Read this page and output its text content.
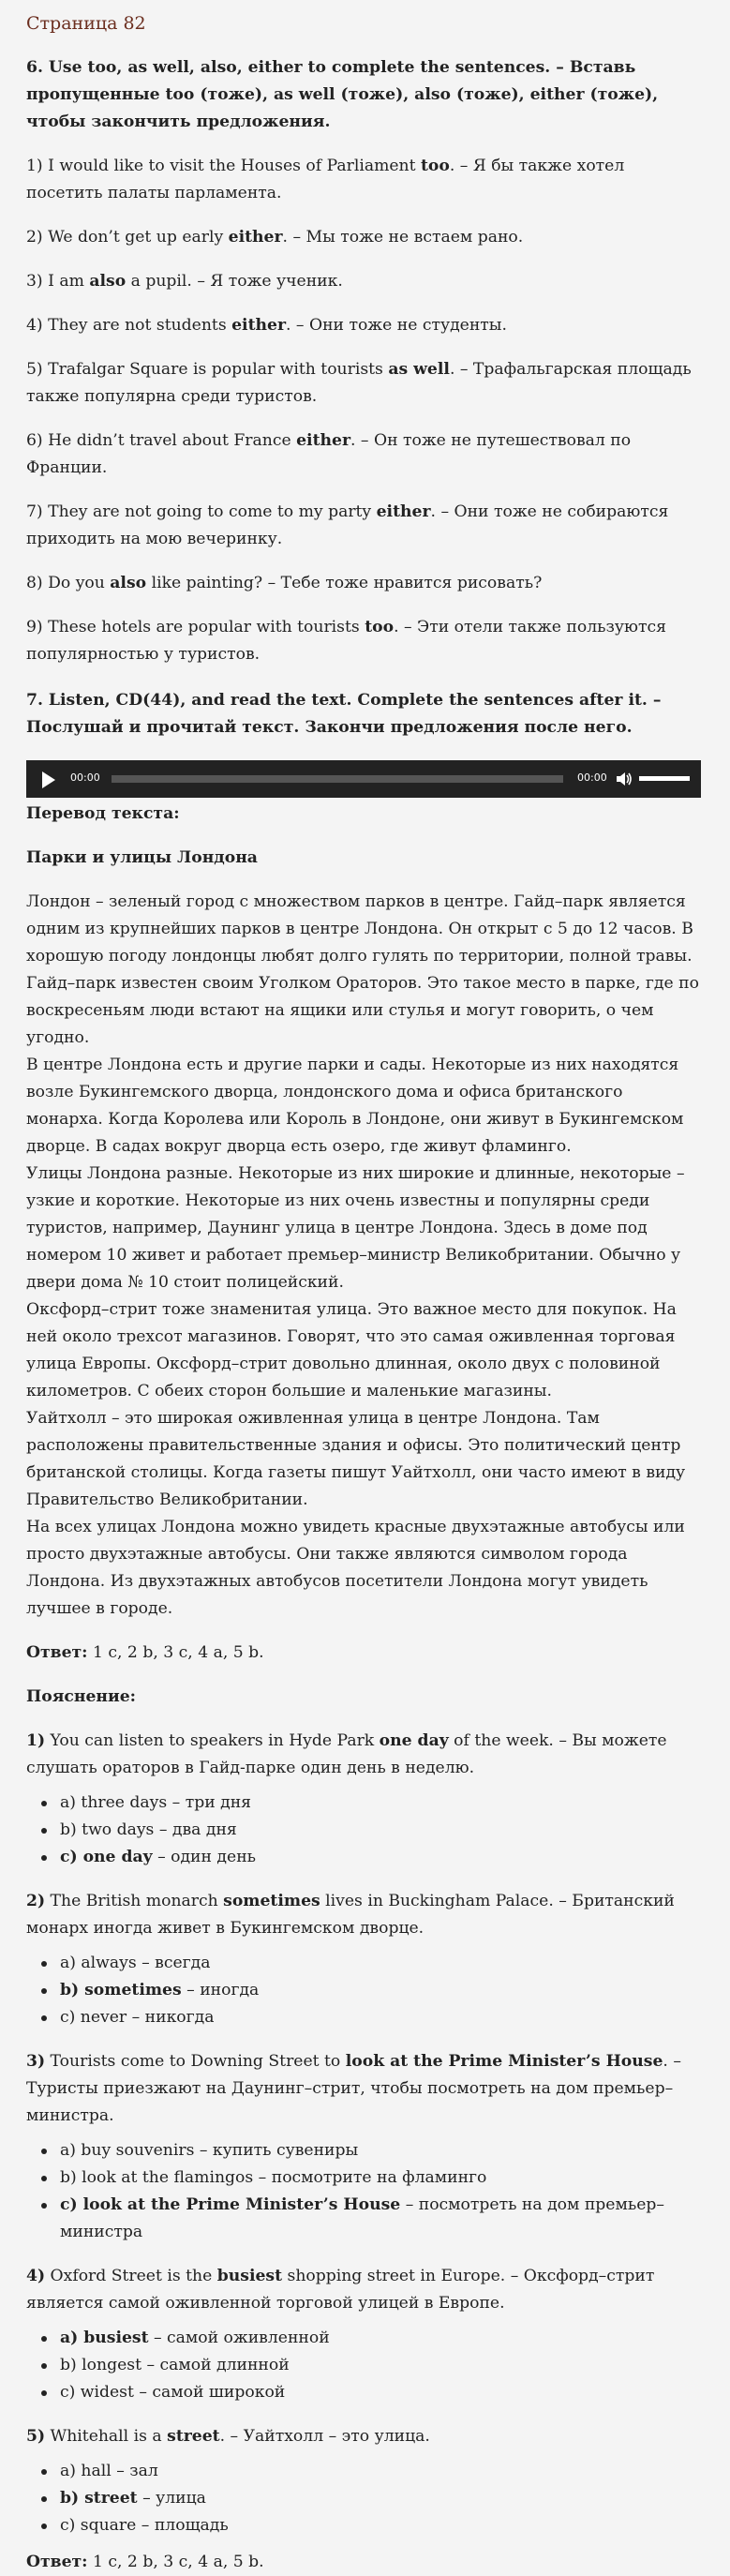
Страница 82

6. Use too, as well, also, either to complete the sentences. – Вставь пропущенные too (тоже), as well (тоже), also (тоже), either (тоже), чтобы закончить предложения.

1) I would like to visit the Houses of Parliament too. – Я бы также хотел посетить палаты парламента.

2) We don’t get up early either. – Мы тоже не встаем рано.

3) I am also a pupil. – Я тоже ученик.

4) They are not students either. – Они тоже не студенты.

5) Trafalgar Square is popular with tourists as well. – Трафальгарская площадь также популярна среди туристов.

6) He didn’t travel about France either. – Он тоже не путешествовал по Франции.

7) They are not going to come to my party either. – Они тоже не собираются приходить на мою вечеринку.

8) Do you also like painting? – Тебе тоже нравится рисовать?

9) These hotels are popular with tourists too. – Эти отели также пользуются популярностью у туристов.

7. Listen, CD(44), and read the text. Complete the sentences after it. – Послушай и прочитай текст. Закончи предложения после него.

00:00	00:00

Перевод текста:

Парки и улицы Лондона

Лондон – зеленый город с множеством парков в центре. Гайд–парк является одним из крупнейших парков в центре Лондона. Он открыт с 5 до 12 часов. В хорошую погоду лондонцы любят долго гулять по территории, полной травы. Гайд–парк известен своим Уголком Ораторов. Это такое место в парке, где по воскресеньям люди встают на ящики или стулья и могут говорить, о чем угодно.

В центре Лондона есть и другие парки и сады. Некоторые из них находятся возле Букингемского дворца, лондонского дома и офиса британского монарха. Когда Королева или Король в Лондоне, они живут в Букингемском дворце. В садах вокруг дворца есть озеро, где живут фламинго.

Улицы Лондона разные. Некоторые из них широкие и длинные, некоторые – узкие и короткие. Некоторые из них очень известны и популярны среди туристов, например, Даунинг улица в центре Лондона. Здесь в доме под номером 10 живет и работает премьер–министр Великобритании. Обычно у двери дома № 10 стоит полицейский.

Оксфорд–стрит тоже знаменитая улица. Это важное место для покупок. На ней около трехсот магазинов. Говорят, что это самая оживленная торговая улица Европы. Оксфорд–стрит довольно длинная, около двух с половиной километров. С обеих сторон большие и маленькие магазины.

Уайтхолл – это широкая оживленная улица в центре Лондона. Там расположены правительственные здания и офисы. Это политический центр британской столицы. Когда газеты пишут Уайтхолл, они часто имеют в виду Правительство Великобритании.

На всех улицах Лондона можно увидеть красные двухэтажные автобусы или просто двухэтажные автобусы. Они также являются символом города Лондона. Из двухэтажных автобусов посетители Лондона могут увидеть лучшее в городе.

Ответ: 1 c, 2 b, 3 c, 4 a, 5 b.

Пояснение:

1) You can listen to speakers in Hyde Park one day of the week. – Вы можете слушать ораторов в Гайд-парке один день в неделю.

a) three days – три дня
b) two days – два дня
c) one day – один день

2) The British monarch sometimes lives in Buckingham Palace. – Британский монарх иногда живет в Букингемском дворце.

a) always – всегда
b) sometimes – иногда
c) never – никогда

3) Tourists come to Downing Street to look at the Prime Minister’s House. – Туристы приезжают на Даунинг–стрит, чтобы посмотреть на дом премьер–министра.

a) buy souvenirs – купить сувениры
b) look at the flamingos – посмотрите на фламинго
c) look at the Prime Minister’s House – посмотреть на дом премьер–министра

4) Oxford Street is the busiest shopping street in Europe. – Оксфорд–стрит является самой оживленной торговой улицей в Европе.

a) busiest – самой оживленной
b) longest – самой длинной
c) widest – самой широкой

5) Whitehall is a street. – Уайтхолл – это улица.

a) hall – зал
b) street – улица
c) square – площадь

Ответ: 1 c, 2 b, 3 c, 4 a, 5 b.
